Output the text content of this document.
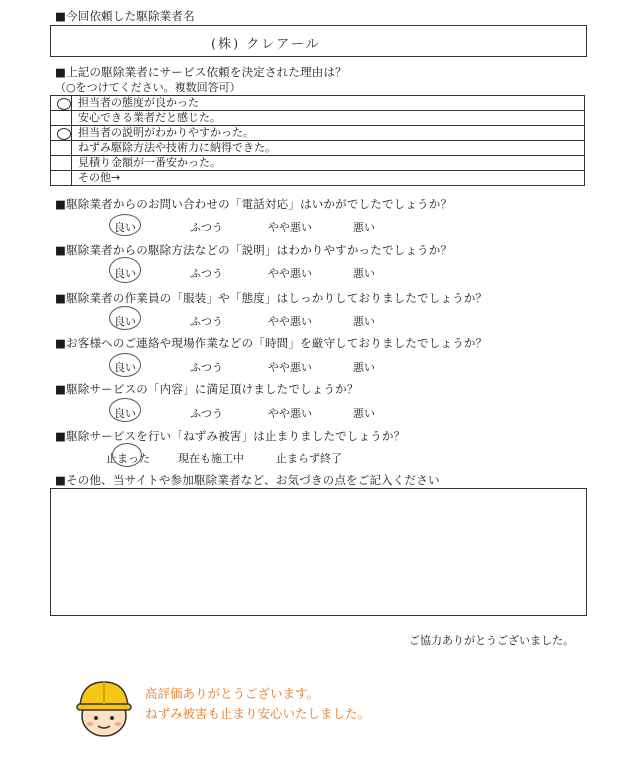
■今回依頼した駆除業者名
(株) クレアール
■上記の駆除業者にサービス依頼を決定された理由は？
（○をつけてください。複数回答可）
	担当者の態度が良かった
	安心できる業者だと感じた。

	担当者の説明がわかりやすかった。
	ねずみ駆除方法や技術力に納得できた。
	見積り金額が一番安かった。
	その他→
■駆除業者からのお問い合わせの「電話対応」はいかがでしたでしょうか？
良い	ふつう	やや悪い	悪い
■駆除業者からの駆除方法などの「説明」はわかりやすかったでしょうか？
良い	ふつう	やや悪い	悪い
■駆除業者の作業員の「服装」や「態度」はしっかりしておりましたでしょうか？
良い	ふつう	やや悪い	悪い
■お客様へのご連絡や現場作業などの「時間」を厳守しておりましたでしょうか？
良い	ふつう	やや悪い	悪い
■駆除サービスの「内容」に満足頂けましたでしょうか？
良い	ふつう	やや悪い	悪い
■駆除サービスを行い「ねずみ被害」は止まりましたでしょうか？
止まった	現在も施工中	止まらず終了
■その他、当サイトや参加駆除業者など、お気づきの点をご記入ください
ご協力ありがとうございました。
高評価ありがとうございます。
ねずみ被害も止まり安心いたしました。
